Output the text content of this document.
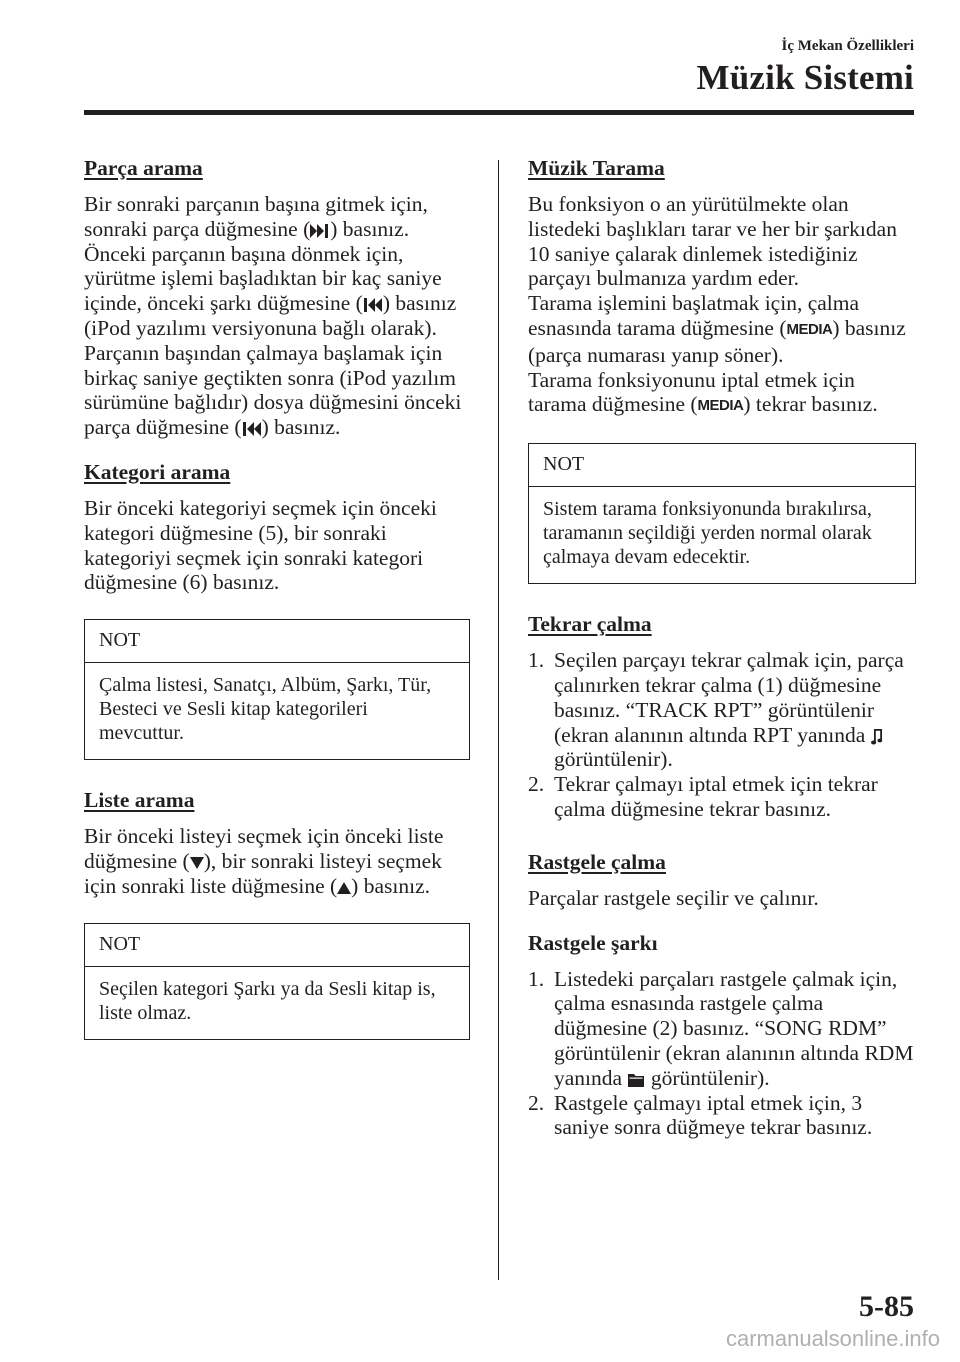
İç Mekan Özellikleri
Müzik Sistemi
Parça arama

Bir sonraki parçanın başına gitmek için, sonraki parça düğmesine ( ) basınız. Önceki parçanın başına dönmek için, yürütme işlemi başladıktan bir kaç saniye içinde, önceki şarkı düğmesine ( ) basınız (iPod yazılımı versiyonuna bağlı olarak).

Parçanın başından çalmaya başlamak için birkaç saniye geçtikten sonra (iPod yazılım sürümüne bağlıdır) dosya düğmesini önceki parça düğmesine ( ) basınız.

Kategori arama

Bir önceki kategoriyi seçmek için önceki kategori düğmesine (5), bir sonraki kategoriyi seçmek için sonraki kategori düğmesine (6) basınız.

NOT
Çalma listesi, Sanatçı, Albüm, Şarkı, Tür, Besteci ve Sesli kitap kategorileri mevcuttur.
Liste arama

Bir önceki listeyi seçmek için önceki liste düğmesine ( ), bir sonraki listeyi seçmek için sonraki liste düğmesine ( ) basınız.

NOT
Seçilen kategori Şarkı ya da Sesli kitap is, liste olmaz.
Müzik Tarama

Bu fonksiyon o an yürütülmekte olan listedeki başlıkları tarar ve her bir şarkıdan 10 saniye çalarak dinlemek istediğiniz parçayı bulmanıza yardım eder.

Tarama işlemini başlatmak için, çalma esnasında tarama düğmesine (MEDIA) basınız (parça numarası yanıp söner).

Tarama fonksiyonunu iptal etmek için tarama düğmesine (MEDIA) tekrar basınız.

NOT
Sistem tarama fonksiyonunda bırakılırsa, taramanın seçildiği yerden normal olarak çalmaya devam edecektir.
Tekrar çalma
1. Seçilen parçayı tekrar çalmak için, parça çalınırken tekrar çalma (1) düğmesine basınız. “TRACK RPT” görüntülenir (ekran alanının altında RPT yanında
görüntülenir).
2. Tekrar çalmayı iptal etmek için tekrar çalma düğmesine tekrar basınız.
Rastgele çalma

Parçalar rastgele seçilir ve çalınır.

Rastgele şarkı
1. Listedeki parçaları rastgele çalmak için, çalma esnasında rastgele çalma düğmesine (2) basınız. “SONG RDM” görüntülenir (ekran alanının altında RDM yanında
görüntülenir).
2. Rastgele çalmayı iptal etmek için, 3 saniye sonra düğmeye tekrar basınız.
5-85
carmanualsonline.info
